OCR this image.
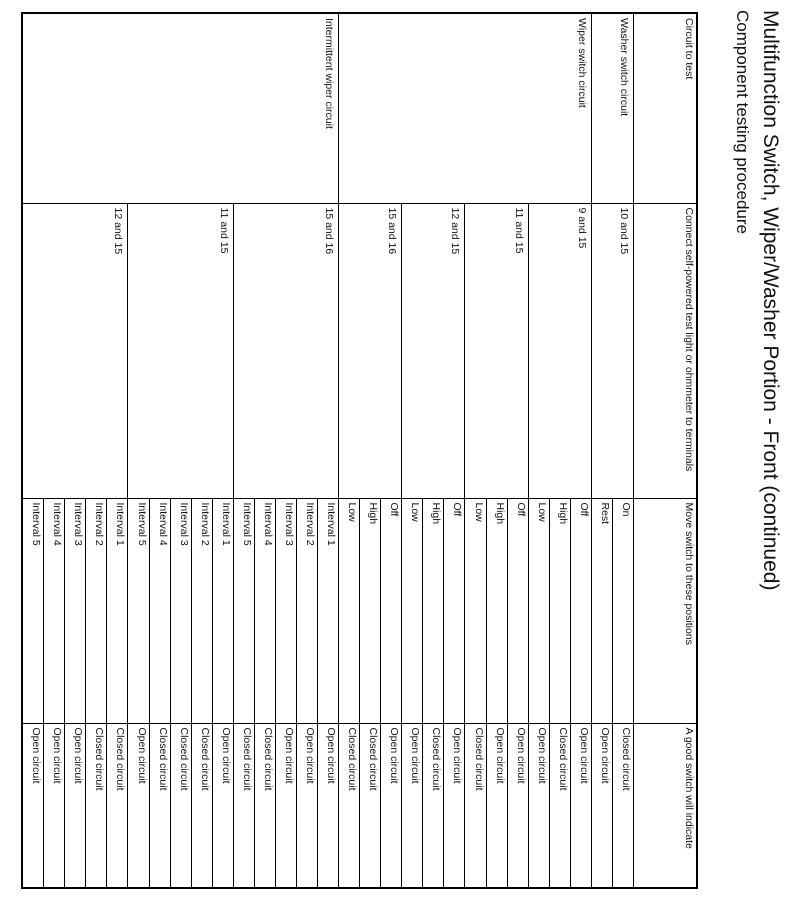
Multifunction Switch, Wiper/Washer Portion - Front (continued)
Component testing procedure
Circuit to test	Connect self-powered test light or ohmmeter to terminals	Move switch to these positions	A good switch will indicate
Washer switch circuit	10 and 15	On	Closed circuit
		Rest	Open circuit
Wiper switch circuit	9 and 15	Off	Open circuit
		High	Closed circuit
		Low	Open circuit
	11 and 15	Off	Open circuit
		High	Open circuit
		Low	Closed circuit
	12 and 15	Off	Open circuit
		High	Closed circuit
		Low	Open circuit
	15 and 16	Off	Open circuit
		High	Closed circuit
		Low	Closed circuit
Intermittent wiper circuit	15 and 16	Interval 1	Open circuit
		Interval 2	Open circuit
		Interval 3	Open circuit
		Interval 4	Closed circuit
		Interval 5	Closed circuit
	11 and 15	Interval 1	Open circuit
		Interval 2	Closed circuit
		Interval 3	Closed circuit
		Interval 4	Closed circuit
		Interval 5	Open circuit
	12 and 15	Interval 1	Closed circuit
		Interval 2	Closed circuit
		Interval 3	Open circuit
		Interval 4	Open circuit
		Interval 5	Open circuit
